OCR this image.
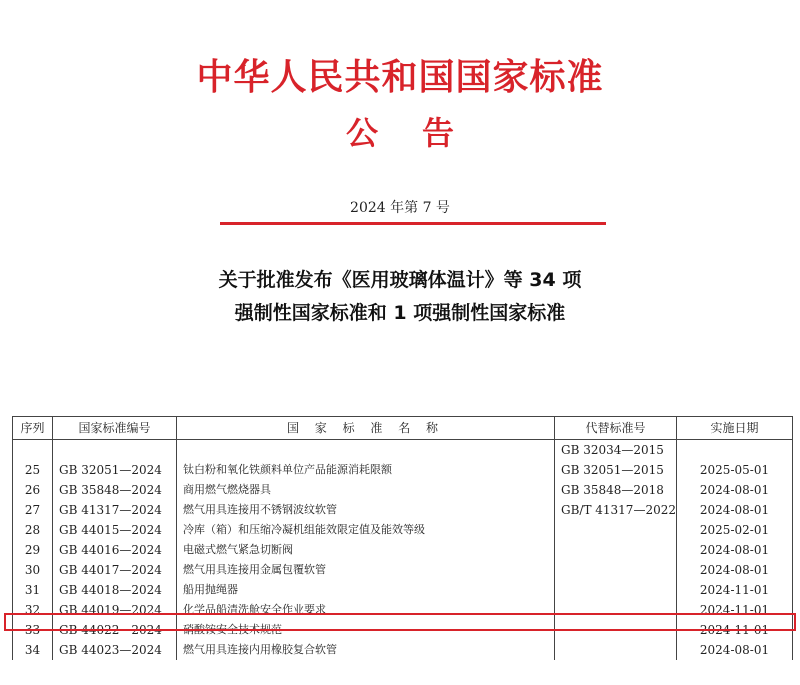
中华人民共和国国家标准
公 告
2024 年第 7 号
关于批准发布《医用玻璃体温计》等 34 项
强制性国家标准和 1 项强制性国家标准
序列	国家标准编号	国 家 标 准 名 称	代替标准号	实施日期
			GB 32034—2015	
25	GB 32051—2024	钛白粉和氧化铁颜料单位产品能源消耗限额	GB 32051—2015	2025-05-01
26	GB 35848—2024	商用燃气燃烧器具	GB 35848—2018	2024-08-01
27	GB 41317—2024	燃气用具连接用不锈钢波纹软管	GB/T 41317—2022	2024-08-01
28	GB 44015—2024	冷库（箱）和压缩冷凝机组能效限定值及能效等级		2025-02-01
29	GB 44016—2024	电磁式燃气紧急切断阀		2024-08-01
30	GB 44017—2024	燃气用具连接用金属包覆软管		2024-08-01
31	GB 44018—2024	船用抛绳器		2024-11-01
32	GB 44019—2024	化学品船清洗舱安全作业要求		2024-11-01
33	GB 44022—2024	硝酸铵安全技术规范		2024-11-01
34	GB 44023—2024	燃气用具连接内用橡胶复合软管		2024-08-01
